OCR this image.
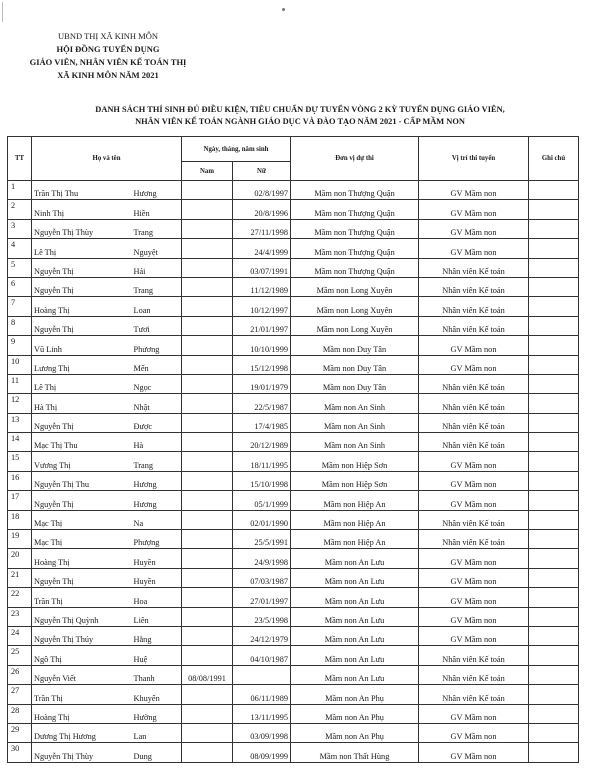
UBND THỊ XÃ KINH MÔN
HỘI ĐỒNG TUYỂN DỤNG
GIÁO VIÊN, NHÂN VIÊN KẾ TOÁN THỊ
XÃ KINH MÔN NĂM 2021
DANH SÁCH THÍ SINH ĐỦ ĐIỀU KIỆN, TIÊU CHUẨN DỰ TUYỂN VÒNG 2 KỲ TUYỂN DỤNG GIÁO VIÊN,
NHÂN VIÊN KẾ TOÁN NGÀNH GIÁO DỤC VÀ ĐÀO TẠO NĂM 2021 - CẤP MẦM NON
TT	Họ và tên		Ngày, tháng, năm sinh		Đơn vị dự thi	Vị trí thi tuyển	Ghi chú
			Nam	Nữ			
1	Trần Thị Thu	Hương		02/8/1997	Mầm non Thượng Quận	GV Mầm non	
2	Ninh Thị	Hiền		20/8/1996	Mầm non Thượng Quận	GV Mầm non	
3	Nguyễn Thị Thùy	Trang		27/11/1998	Mầm non Thượng Quận	GV Mầm non	
4	Lê Thị	Nguyệt		24/4/1999	Mầm non Thượng Quận	GV Mầm non	
5	Nguyễn Thị	Hải		03/07/1991	Mầm non Thượng Quận	Nhân viên Kế toán	
6	Nguyễn Thị	Trang		11/12/1989	Mầm non Long Xuyên	Nhân viên Kế toán	
7	Hoàng Thị	Loan		10/12/1997	Mầm non Long Xuyên	Nhân viên Kế toán	
8	Nguyễn Thị	Tươi		21/01/1997	Mầm non Long Xuyên	Nhân viên Kế toán	
9	Vũ Linh	Phương		10/10/1999	Mầm non Duy Tân	GV Mầm non	
10	Lương Thị	Mến		15/12/1998	Mầm non Duy Tân	GV Mầm non	
11	Lê Thị	Ngọc		19/01/1979	Mầm non Duy Tân	Nhân viên Kế toán	
12	Hà Thị	Nhật		22/5/1987	Mầm non An Sinh	Nhân viên Kế toán	
13	Nguyễn Thị	Được		17/4/1985	Mầm non An Sinh	Nhân viên Kế toán	
14	Mạc Thị Thu	Hà		20/12/1989	Mầm non An Sinh	Nhân viên Kế toán	
15	Vương Thị	Trang		18/11/1995	Mầm non Hiệp Sơn	GV Mầm non	
16	Nguyễn Thị Thu	Hương		15/10/1998	Mầm non Hiệp Sơn	GV Mầm non	
17	Nguyễn Thị	Hương		05/1/1999	Mầm non Hiệp An	GV Mầm non	
18	Mạc Thị	Na		02/01/1990	Mầm non Hiệp An	Nhân viên Kế toán	
19	Mạc Thị	Phượng		25/5/1991	Mầm non Hiệp An	Nhân viên Kế toán	
20	Hoàng Thị	Huyền		24/9/1998	Mầm non An Lưu	GV Mầm non	
21	Nguyễn Thị	Huyền		07/03/1987	Mầm non An Lưu	GV Mầm non	
22	Trần Thị	Hoa		27/01/1997	Mầm non An Lưu	GV Mầm non	
23	Nguyễn Thị Quỳnh	Liên		23/5/1998	Mầm non An Lưu	GV Mầm non	
24	Nguyễn Thị Thúy	Hằng		24/12/1979	Mầm non An Lưu	GV Mầm non	
25	Ngô Thị	Huệ		04/10/1987	Mầm non An Lưu	Nhân viên Kế toán	
26	Nguyễn Viết	Thanh	08/08/1991		Mầm non An Lưu	Nhân viên Kế toán	
27	Trần Thị	Khuyến		06/11/1989	Mầm non An Phụ	Nhân viên Kế toán	
28	Hoàng Thị	Hường		13/11/1995	Mầm non An Phụ	GV Mầm non	
29	Dương Thị Hương	Lan		03/09/1998	Mầm non An Phụ	GV Mầm non	
30	Nguyễn Thị Thùy	Dung		08/09/1999	Mầm non Thất Hùng	GV Mầm non	
